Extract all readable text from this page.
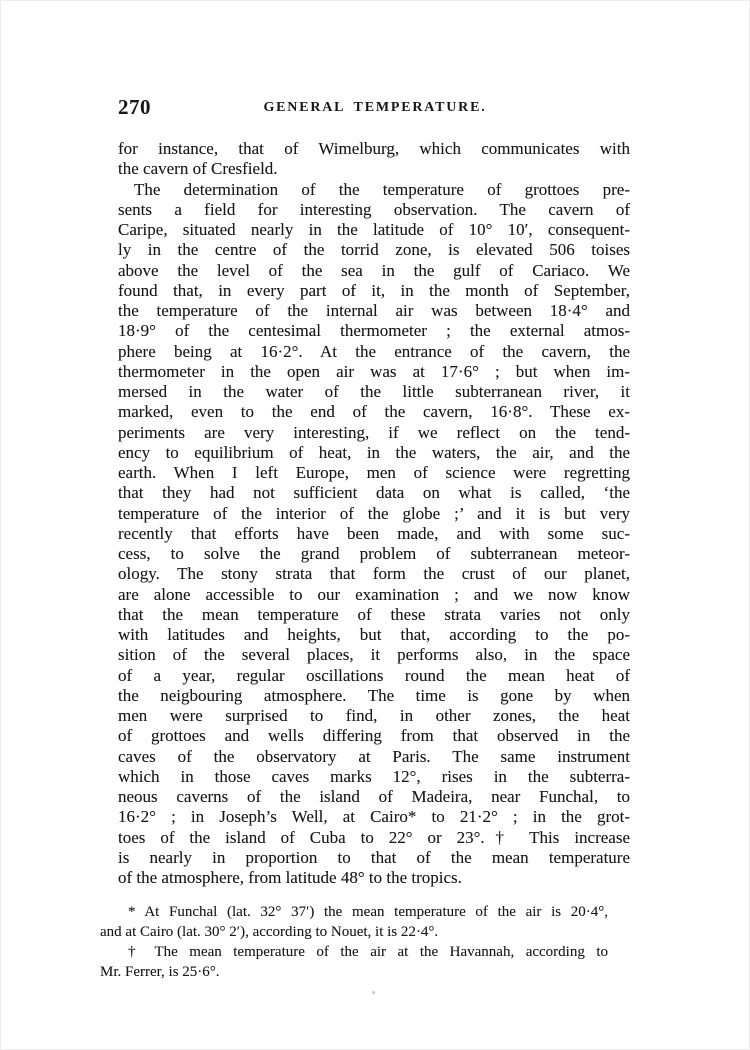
270	GENERAL TEMPERATURE.
for instance, that of Wimelburg, which communicates with
the cavern of Cresfield.
The determination of the temperature of grottoes pre-
sents a field for interesting observation. The cavern of
Caripe, situated nearly in the latitude of 10° 10′, consequent-
ly in the centre of the torrid zone, is elevated 506 toises
above the level of the sea in the gulf of Cariaco. We
found that, in every part of it, in the month of September,
the temperature of the internal air was between 18·4° and
18·9° of the centesimal thermometer ; the external atmos-
phere being at 16·2°. At the entrance of the cavern, the
thermometer in the open air was at 17·6° ; but when im-
mersed in the water of the little subterranean river, it
marked, even to the end of the cavern, 16·8°. These ex-
periments are very interesting, if we reflect on the tend-
ency to equilibrium of heat, in the waters, the air, and the
earth. When I left Europe, men of science were regretting
that they had not sufficient data on what is called, ‘the
temperature of the interior of the globe ;’ and it is but very
recently that efforts have been made, and with some suc-
cess, to solve the grand problem of subterranean meteor-
ology. The stony strata that form the crust of our planet,
are alone accessible to our examination ; and we now know
that the mean temperature of these strata varies not only
with latitudes and heights, but that, according to the po-
sition of the several places, it performs also, in the space
of a year, regular oscillations round the mean heat of
the neigbouring atmosphere. The time is gone by when
men were surprised to find, in other zones, the heat
of grottoes and wells differing from that observed in the
caves of the observatory at Paris. The same instrument
which in those caves marks 12°, rises in the subterra-
neous caverns of the island of Madeira, near Funchal, to
16·2° ; in Joseph’s Well, at Cairo* to 21·2° ; in the grot-
toes of the island of Cuba to 22° or 23°.† This increase
is nearly in proportion to that of the mean temperature
of the atmosphere, from latitude 48° to the tropics.
* At Funchal (lat. 32° 37′) the mean temperature of the air is 20·4°,
and at Cairo (lat. 30° 2′), according to Nouet, it is 22·4°.
† The mean temperature of the air at the Havannah, according to
Mr. Ferrer, is 25·6°.
